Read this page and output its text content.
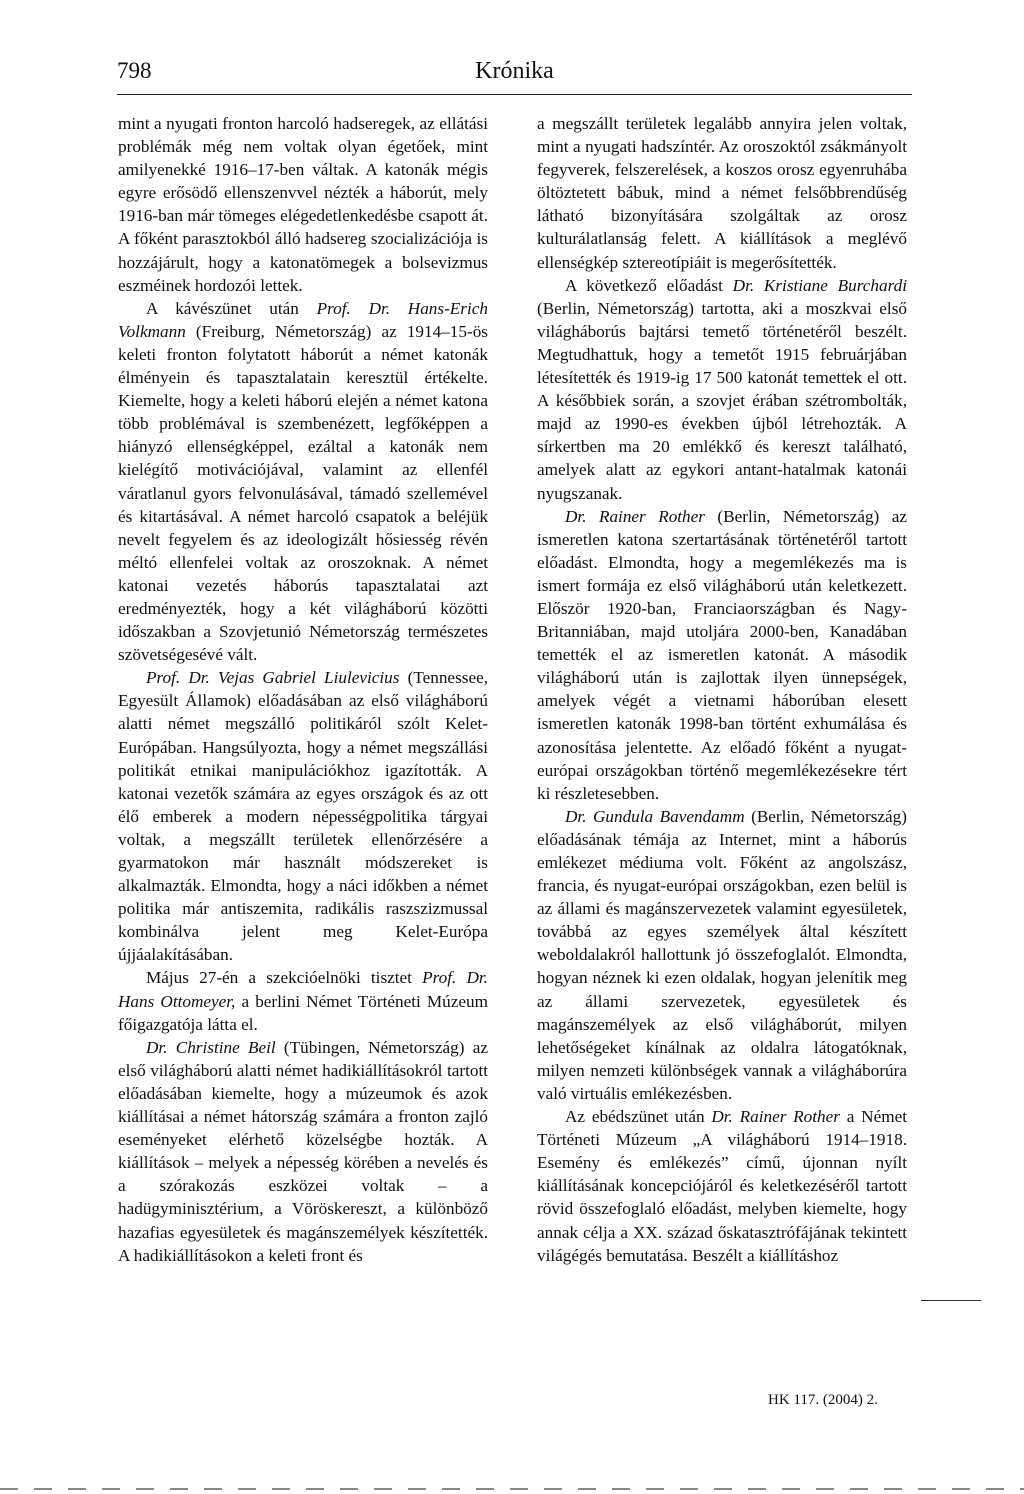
798	Krónika

mint a nyugati fronton harcoló hadseregek, az ellátási problémák még nem voltak olyan égetőek, mint amilyenekké 1916–17-ben váltak. A katonák mégis egyre erősödő ellenszenvvel nézték a háborút, mely 1916-ban már tömeges elégedetlenkedésbe csapott át. A főként parasztokból álló hadsereg szocializációja is hozzájárult, hogy a katonatömegek a bolsevizmus eszméinek hordozói lettek.

A kávészünet után Prof. Dr. Hans-Erich Volkmann (Freiburg, Németország) az 1914–15-ös keleti fronton folytatott háborút a német katonák élményein és tapasztalatain keresztül értékelte. Kiemelte, hogy a keleti háború elején a német katona több problémával is szembenézett, legfőképpen a hiányzó ellenségképpel, ezáltal a katonák nem kielégítő motivációjával, valamint az ellenfél váratlanul gyors felvonulásával, támadó szellemével és kitartásával. A német harcoló csapatok a beléjük nevelt fegyelem és az ideologizált hősiesség révén méltó ellenfelei voltak az oroszoknak. A német katonai vezetés háborús tapasztalatai azt eredményezték, hogy a két világháború közötti időszakban a Szovjetunió Németország természetes szövetségesévé vált.

Prof. Dr. Vejas Gabriel Liulevicius (Tennessee, Egyesült Államok) előadásában az első világháború alatti német megszálló politikáról szólt Kelet-Európában. Hangsúlyozta, hogy a német megszállási politikát etnikai manipulációkhoz igazították. A katonai vezetők számára az egyes országok és az ott élő emberek a modern népességpolitika tárgyai voltak, a megszállt területek ellenőrzésére a gyarmatokon már használt módszereket is alkalmazták. Elmondta, hogy a náci időkben a német politika már antiszemita, radikális raszszizmussal kombinálva jelent meg Kelet-Európa újjáalakításában.

Május 27-én a szekcióelnöki tisztet Prof. Dr. Hans Ottomeyer, a berlini Német Történeti Múzeum főigazgatója látta el.

Dr. Christine Beil (Tübingen, Németország) az első világháború alatti német hadikiállításokról tartott előadásában kiemelte, hogy a múzeumok és azok kiállításai a német hátország számára a fronton zajló eseményeket elérhető közelségbe hozták. A kiállítások – melyek a népesség körében a nevelés és a szórakozás eszközei voltak – a hadügyminisztérium, a Vöröskereszt, a különböző hazafias egyesületek és magánszemélyek készítették. A hadikiállításokon a keleti front és

a megszállt területek legalább annyira jelen voltak, mint a nyugati hadszíntér. Az oroszoktól zsákmányolt fegyverek, felszerelések, a koszos orosz egyenruhába öltöztetett bábuk, mind a német felsőbbrendűség látható bizonyítására szolgáltak az orosz kulturálatlanság felett. A kiállítások a meglévő ellenségkép sztereotípiáit is megerősítették.

A következő előadást Dr. Kristiane Burchardi (Berlin, Németország) tartotta, aki a moszkvai első világháborús bajtársi temető történetéről beszélt. Megtudhattuk, hogy a temetőt 1915 februárjában létesítették és 1919-ig 17 500 katonát temettek el ott. A későbbiek során, a szovjet érában szétrombolták, majd az 1990-es években újból létrehozták. A sírkertben ma 20 emlékkő és kereszt található, amelyek alatt az egykori antant-hatalmak katonái nyugszanak.

Dr. Rainer Rother (Berlin, Németország) az ismeretlen katona szertartásának történetéről tartott előadást. Elmondta, hogy a megemlékezés ma is ismert formája ez első világháború után keletkezett. Először 1920-ban, Franciaországban és Nagy-Britanniában, majd utoljára 2000-ben, Kanadában temették el az ismeretlen katonát. A második világháború után is zajlottak ilyen ünnepségek, amelyek végét a vietnami háborúban elesett ismeretlen katonák 1998-ban történt exhumálása és azonosítása jelentette. Az előadó főként a nyugat-európai országokban történő megemlékezésekre tért ki részletesebben.

Dr. Gundula Bavendamm (Berlin, Németország) előadásának témája az Internet, mint a háborús emlékezet médiuma volt. Főként az angolszász, francia, és nyugat-európai országokban, ezen belül is az állami és magánszervezetek valamint egyesületek, továbbá az egyes személyek által készített weboldalakról hallottunk jó összefoglalót. Elmondta, hogyan néznek ki ezen oldalak, hogyan jelenítik meg az állami szervezetek, egyesületek és magánszemélyek az első világháborút, milyen lehetőségeket kínálnak az oldalra látogatóknak, milyen nemzeti különbségek vannak a világháborúra való virtuális emlékezésben.

Az ebédszünet után Dr. Rainer Rother a Német Történeti Múzeum „A világháború 1914–1918. Esemény és emlékezés” című, újonnan nyílt kiállításának koncepciójáról és keletkezéséről tartott rövid összefoglaló előadást, melyben kiemelte, hogy annak célja a XX. század őskatasztrófájának tekintett világégés bemutatása. Beszélt a kiállításhoz

HK 117. (2004) 2.
